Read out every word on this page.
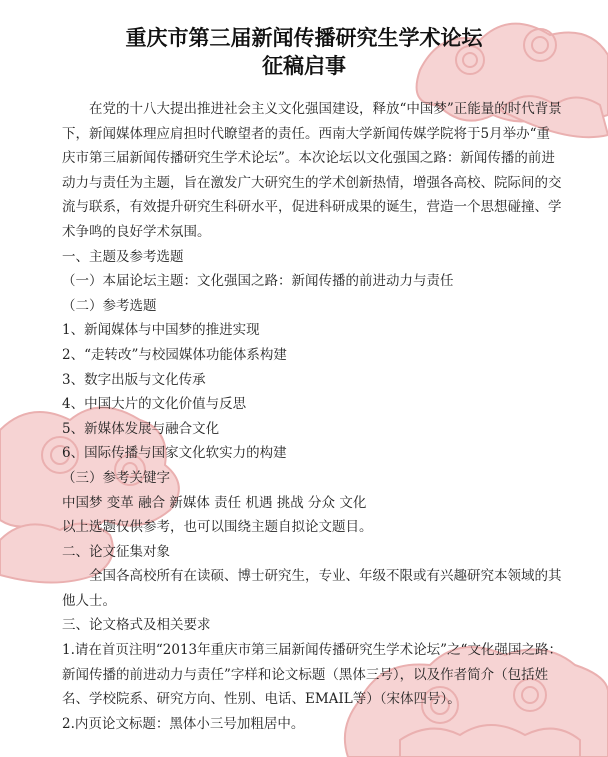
重庆市第三届新闻传播研究生学术论坛
征稿启事

在党的十八大提出推进社会主义文化强国建设，释放“中国梦”正能量的时代背景下，新闻媒体理应肩担时代瞭望者的责任。西南大学新闻传媒学院将于5月举办“重庆市第三届新闻传播研究生学术论坛”。本次论坛以文化强国之路：新闻传播的前进动力与责任为主题，旨在激发广大研究生的学术创新热情，增强各高校、院际间的交流与联系，有效提升研究生科研水平，促进科研成果的诞生，营造一个思想碰撞、学术争鸣的良好学术氛围。

一、主题及参考选题

（一）本届论坛主题：文化强国之路：新闻传播的前进动力与责任

（二）参考选题

1、新闻媒体与中国梦的推进实现

2、“走转改”与校园媒体功能体系构建

3、数字出版与文化传承

4、中国大片的文化价值与反思

5、新媒体发展与融合文化

6、国际传播与国家文化软实力的构建

（三）参考关键字

中国梦 变革 融合 新媒体 责任 机遇 挑战 分众 文化

以上选题仅供参考，也可以围绕主题自拟论文题目。

二、论文征集对象

全国各高校所有在读硕、博士研究生，专业、年级不限或有兴趣研究本领域的其他人士。

三、论文格式及相关要求

1.请在首页注明“2013年重庆市第三届新闻传播研究生学术论坛”之“文化强国之路：新闻传播的前进动力与责任”字样和论文标题（黑体三号），以及作者简介（包括姓名、学校院系、研究方向、性别、电话、EMAIL等）（宋体四号）。

2.内页论文标题：黑体小三号加粗居中。
